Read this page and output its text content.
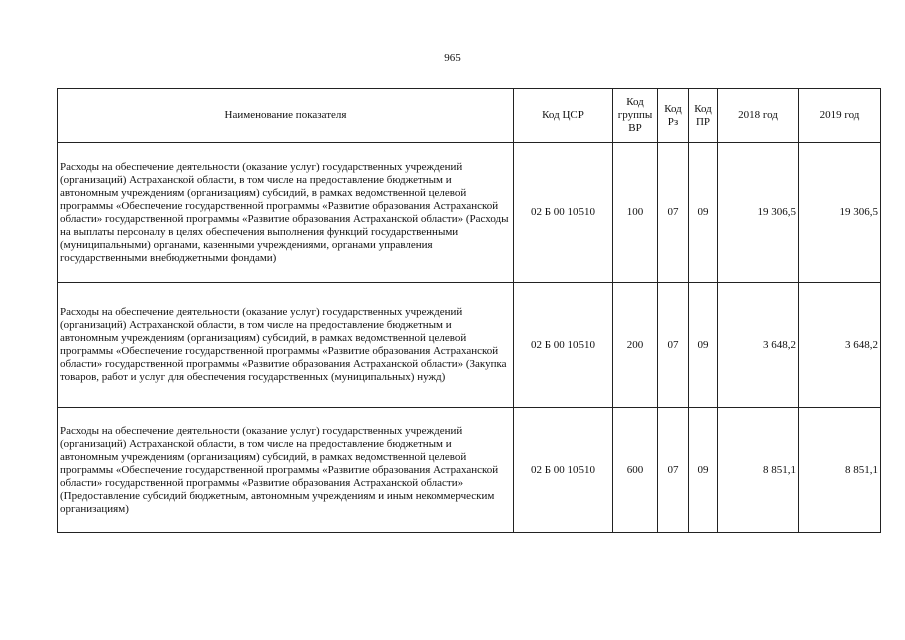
965
Наименование показателя	Код ЦСР	Код группы ВР	Код Рз	Код ПР	2018 год	2019 год
Расходы на обеспечение деятельности (оказание услуг) государственных учреждений (организаций) Астраханской области, в том числе на предоставление бюджетным и автономным учреждениям (организациям) субсидий, в рамках ведомственной целевой программы «Обеспечение государственной программы «Развитие образования Астраханской области» государственной программы «Развитие образования Астраханской области» (Расходы на выплаты персоналу в целях обеспечения выполнения функций государственными (муниципальными) органами, казенными учреждениями, органами управления государственными внебюджетными фондами)	02 Б 00 10510	100	07	09	19 306,5	19 306,5
Расходы на обеспечение деятельности (оказание услуг) государственных учреждений (организаций) Астраханской области, в том числе на предоставление бюджетным и автономным учреждениям (организациям) субсидий, в рамках ведомственной целевой программы «Обеспечение государственной программы «Развитие образования Астраханской области» государственной программы «Развитие образования Астраханской области» (Закупка товаров, работ и услуг для обеспечения государственных (муниципальных) нужд)	02 Б 00 10510	200	07	09	3 648,2	3 648,2
Расходы на обеспечение деятельности (оказание услуг) государственных учреждений (организаций) Астраханской области, в том числе на предоставление бюджетным и автономным учреждениям (организациям) субсидий, в рамках ведомственной целевой программы «Обеспечение государственной программы «Развитие образования Астраханской области» государственной программы «Развитие образования Астраханской области» (Предоставление субсидий бюджетным, автономным учреждениям и иным некоммерческим организациям)	02 Б 00 10510	600	07	09	8 851,1	8 851,1
